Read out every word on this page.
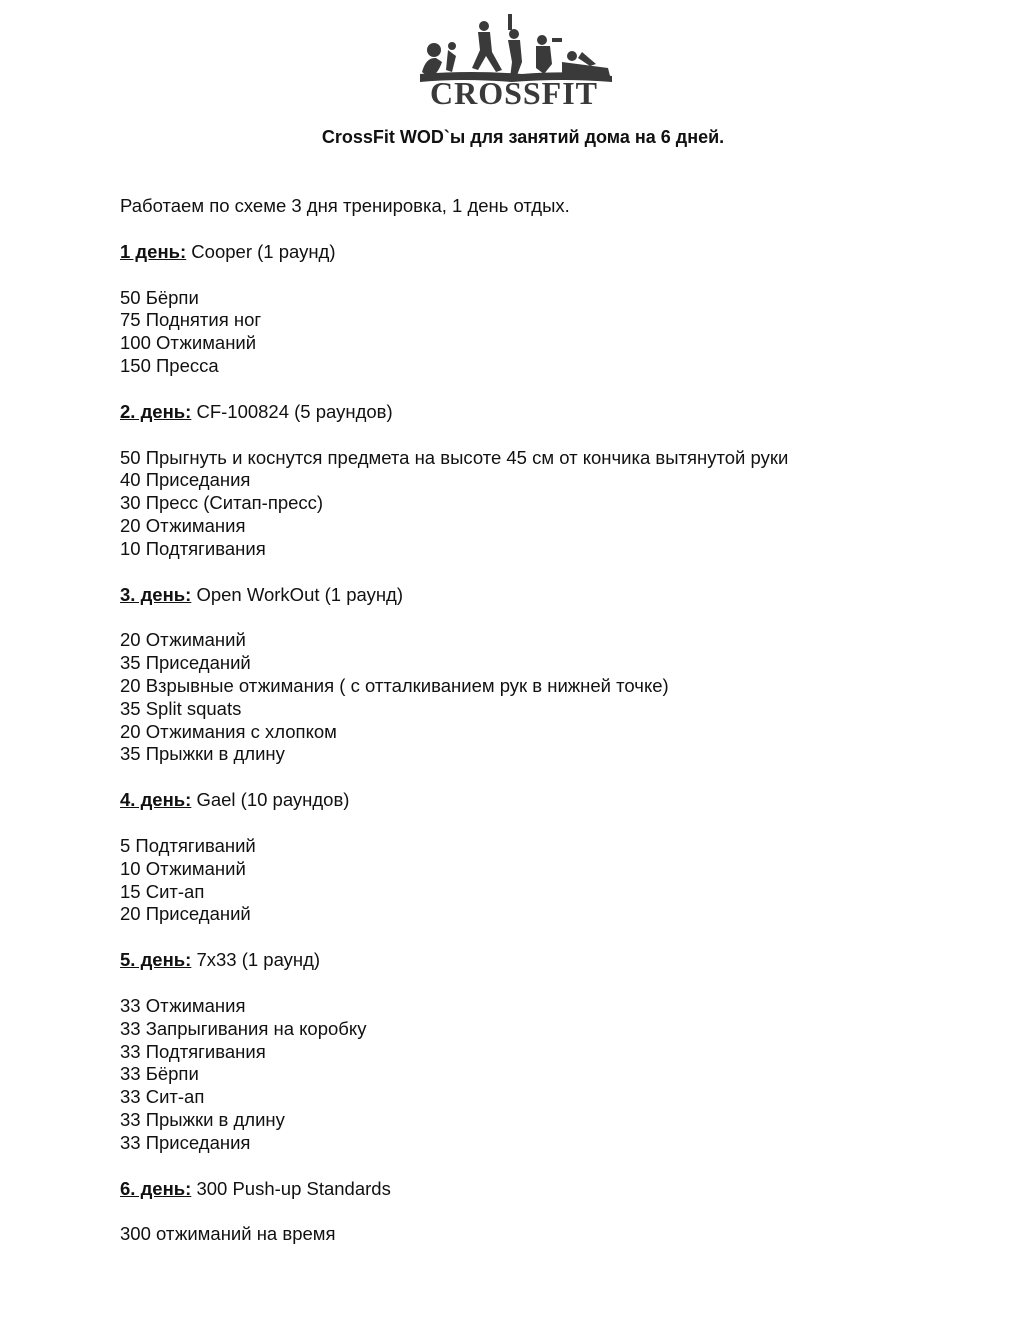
CROSSFIT
CrossFit WOD`ы для занятий дома на 6 дней.
Работаем по схеме 3 дня тренировка, 1 день отдых.
1 день: Cooper (1 раунд)
50 Бёрпи
75 Поднятия ног
100 Отжиманий
150 Пресса
2. день: CF-100824 (5 раундов)
50 Прыгнуть и коснутся предмета на высоте 45 см от кончика вытянутой руки
40 Приседания
30 Пресс (Ситап-пресс)
20 Отжимания
10 Подтягивания
3. день: Open WorkOut (1 раунд)
20 Отжиманий
35 Приседаний
20 Взрывные отжимания ( с отталкиванием рук в нижней точке)
35 Split squats
20 Отжимания с хлопком
35 Прыжки в длину
4. день: Gael (10 раундов)
5 Подтягиваний
10 Отжиманий
15 Сит-ап
20 Приседаний
5. день: 7x33 (1 раунд)
33 Отжимания
33 Запрыгивания на коробку
33 Подтягивания
33 Бёрпи
33 Сит-ап
33 Прыжки в длину
33 Приседания
6. день: 300 Push-up Standards
300 отжиманий на время
